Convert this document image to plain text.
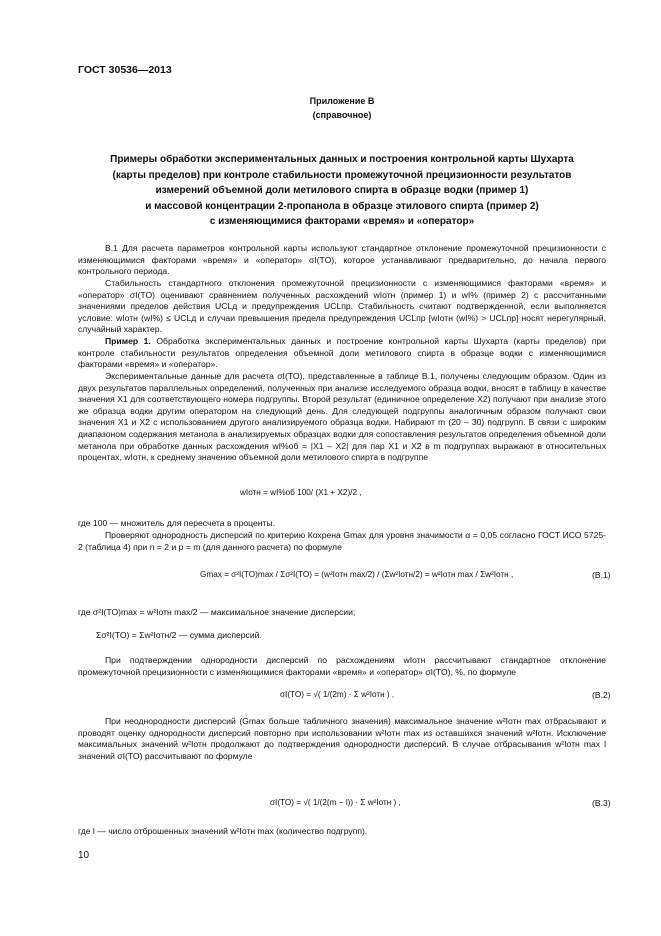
ГОСТ 30536—2013
Приложение В
(справочное)
Примеры обработки экспериментальных данных и построения контрольной карты Шухарта
(карты пределов) при контроле стабильности промежуточной прецизионности результатов
измерений объемной доли метилового спирта в образце водки (пример 1)
и массовой концентрации 2-пропанола в образце этилового спирта (пример 2)
с изменяющимися факторами «время» и «оператор»

В.1 Для расчета параметров контрольной карты используют стандартное отклонение промежуточной прецизионности с изменяющимися факторами «время» и «оператор» σI(TO), которое устанавливают предварительно, до начала первого контрольного периода.

Стабильность стандартного отклонения промежуточной прецизионности с изменяющимися факторами «время» и «оператор» σI(TO) оценивают сравнением полученных расхождений wIотн (пример 1) и wI% (пример 2) с рассчитанными значениями пределов действия UCLд и предупреждения UCLпр. Стабильность считают подтвержденной, если выполняется условие: wIотн (wI%) ≤ UCLд и случаи превышения предела предупреждения UCLпр [wIотн (wI%) > UCLпр] носят нерегулярный, случайный характер.

Пример 1. Обработка экспериментальных данных и построение контрольной карты Шухарта (карты пределов) при контроле стабильности результатов определения объемной доли метилового спирта в образце водки с изменяющимися факторами «время» и «оператор».

Экспериментальные данные для расчета σI(TO), представленные в таблице В.1, получены следующим образом. Один из двух результатов параллельных определений, полученных при анализе исследуемого образца водки, вносят в таблицу в качестве значения X1 для соответствующего номера подгруппы. Второй результат (единичное определение X2) получают при анализе этого же образца водки другим оператором на следующий день. Для следующей подгруппы аналогичным образом получают свои значения X1 и X2 с использованием другого анализируемого образца водки. Набирают m (20 – 30) подгрупп. В связи с широким диапазоном содержания метанола в анализируемых образцах водки для сопоставления результатов определения объемной доли метанола при обработке данных расхождения wI%об = |X1 – X2| для пар X1 и X2 в m подгруппах выражают в относительных процентах, wIотн, к среднему значению объемной доли метилового спирта в подгруппе

wIотн = wI%об 100/ (X1 + X2)/2 ,

где 100 — множитель для пересчета в проценты.

Проверяют однородность дисперсий по критерию Кохрена Gmax для уровня значимости α = 0,05 согласно ГОСТ ИСО 5725-2 (таблица 4) при n = 2 и p = m (для данного расчета) по формуле

Gmax = σ²I(TO)max / Σσ²I(TO) = (w²Iотн max/2) / (Σw²Iотн/2) = w²Iотн max / Σw²Iотн ,	(В.1)

где σ²I(TO)max = w²Iотн max/2 — максимальное значение дисперсии;

Σσ²I(TO) = Σw²Iотн/2 — сумма дисперсий.

При подтверждении однородности дисперсий по расхождениям wIотн рассчитывают стандартное отклонение промежуточной прецизионности с изменяющимися факторами «время» и «оператор» σI(TO), %, по формуле

σI(TO) = √( 1/(2m) · Σ w²Iотн ) ,	(В.2)

При неоднородности дисперсий (Gmax больше табличного значения) максимальное значение w²Iотн max отбрасывают и проводят оценку однородности дисперсий повторно при использовании w²Iотн max из оставшихся значений w²Iотн. Исключение максимальных значений w²Iотн продолжают до подтверждения однородности дисперсий. В случае отбрасывания w²Iотн max l значений σI(TO) рассчитывают по формуле

σI(TO) = √( 1/(2(m − l)) · Σ w²Iотн ) ,	(В.3)

где l — число отброшенных значений w²Iотн max (количество подгрупп).

10
